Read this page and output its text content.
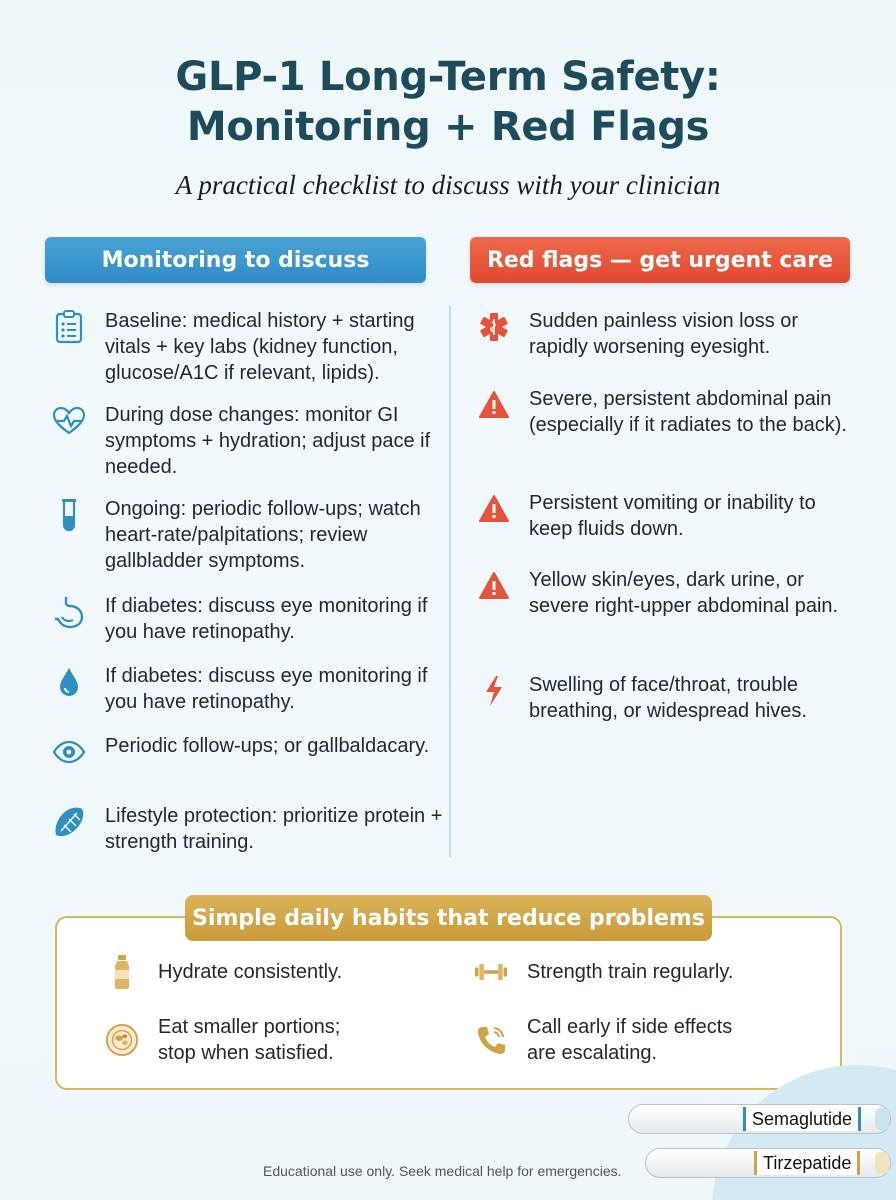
GLP-1 Long-Term Safety:
Monitoring + Red Flags
A practical checklist to discuss with your clinician
Monitoring to discuss	Red flags — get urgent care
Baseline: medical history + starting vitals + key labs (kidney function, glucose/A1C if relevant, lipids).
During dose changes: monitor GI symptoms + hydration; adjust pace if needed.
Ongoing: periodic follow-ups; watch heart-rate/palpitations; review gallbladder symptoms.
If diabetes: discuss eye monitoring if you have retinopathy.
If diabetes: discuss eye monitoring if you have retinopathy.
Periodic follow-ups; or gallbaldacary.
Lifestyle protection: prioritize protein + strength training.
Sudden painless vision loss or rapidly worsening eyesight.
Severe, persistent abdominal pain (especially if it radiates to the back).
Persistent vomiting or inability to keep fluids down.
Yellow skin/eyes, dark urine, or severe right-upper abdominal pain.
Swelling of face/throat, trouble breathing, or widespread hives.
Simple daily habits that reduce problems
Hydrate consistently.	Strength train regularly.
Eat smaller portions;
stop when satisfied.
Call early if side effects
are escalating.
Semaglutide
Tirzepatide
Educational use only. Seek medical help for emergencies.
